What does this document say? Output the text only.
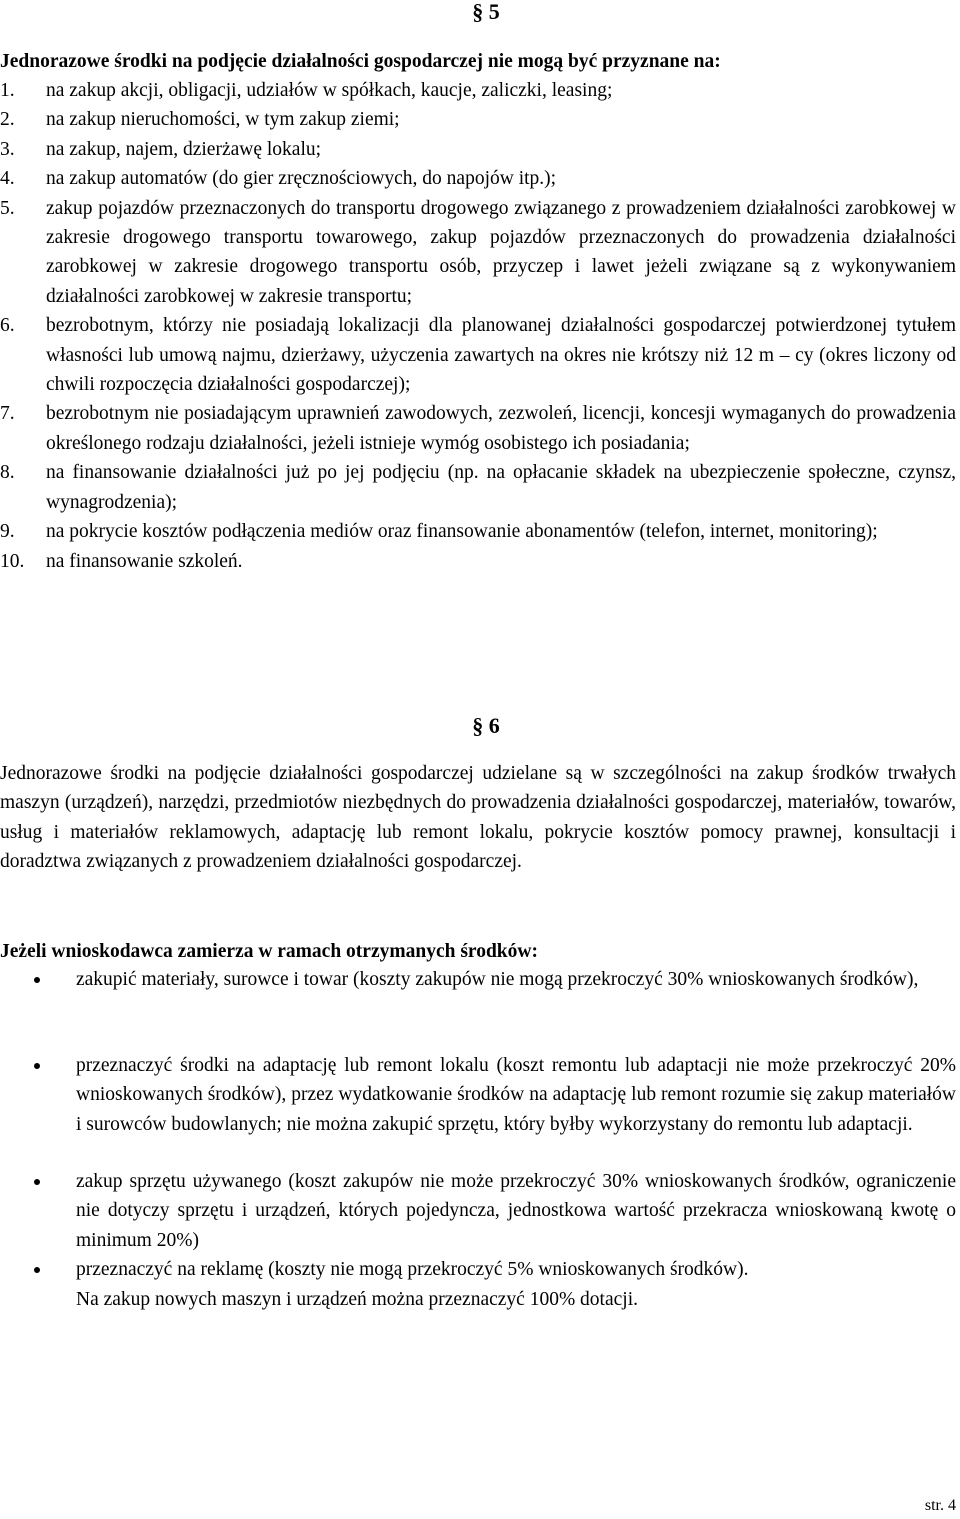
§ 5
Jednorazowe środki na podjęcie działalności gospodarczej nie mogą być przyznane na:
1. na zakup akcji, obligacji, udziałów w spółkach, kaucje, zaliczki, leasing;
2. na zakup nieruchomości, w tym zakup ziemi;
3. na zakup, najem, dzierżawę lokalu;
4. na zakup automatów (do gier zręcznościowych, do napojów itp.);
5. zakup pojazdów przeznaczonych do transportu drogowego związanego z prowadzeniem działalności zarobkowej w zakresie drogowego transportu towarowego, zakup pojazdów przeznaczonych do prowadzenia działalności zarobkowej w zakresie drogowego transportu osób, przyczep i lawet jeżeli związane są z wykonywaniem działalności zarobkowej w zakresie transportu;
6. bezrobotnym, którzy nie posiadają lokalizacji dla planowanej działalności gospodarczej potwierdzonej tytułem własności lub umową najmu, dzierżawy, użyczenia zawartych na okres nie krótszy niż 12 m – cy (okres liczony od chwili rozpoczęcia działalności gospodarczej);
7. bezrobotnym nie posiadającym uprawnień zawodowych, zezwoleń, licencji, koncesji wymaganych do prowadzenia określonego rodzaju działalności, jeżeli istnieje wymóg osobistego ich posiadania;
8. na finansowanie działalności już po jej podjęciu (np. na opłacanie składek na ubezpieczenie społeczne, czynsz, wynagrodzenia);
9. na pokrycie kosztów podłączenia mediów oraz finansowanie abonamentów (telefon, internet, monitoring);
10. na finansowanie szkoleń.
§ 6
Jednorazowe środki na podjęcie działalności gospodarczej udzielane są w szczególności na zakup środków trwałych maszyn (urządzeń), narzędzi, przedmiotów niezbędnych do prowadzenia działalności gospodarczej, materiałów, towarów, usług i materiałów reklamowych, adaptację lub remont lokalu, pokrycie kosztów pomocy prawnej, konsultacji i doradztwa związanych z prowadzeniem działalności gospodarczej.
Jeżeli wnioskodawca zamierza w ramach otrzymanych środków:
zakupić materiały, surowce i towar (koszty zakupów nie mogą przekroczyć 30% wnioskowanych środków),
przeznaczyć środki na adaptację lub remont lokalu (koszt remontu lub adaptacji nie może przekroczyć 20% wnioskowanych środków), przez wydatkowanie środków na adaptację lub remont rozumie się zakup materiałów i surowców budowlanych; nie można zakupić sprzętu, który byłby wykorzystany do remontu lub adaptacji.
zakup sprzętu używanego (koszt zakupów nie może przekroczyć 30% wnioskowanych środków, ograniczenie nie dotyczy sprzętu i urządzeń, których pojedyncza, jednostkowa wartość przekracza wnioskowaną kwotę o minimum 20%)
przeznaczyć na reklamę (koszty nie mogą przekroczyć 5% wnioskowanych środków).
Na zakup nowych maszyn i urządzeń można przeznaczyć 100% dotacji.
str. 4
